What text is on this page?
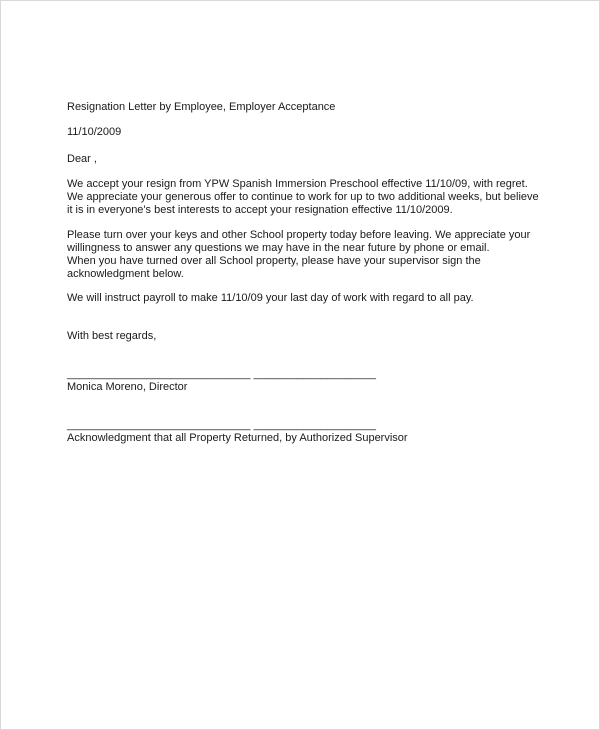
Resignation Letter by Employee, Employer Acceptance
11/10/2009
Dear ,
We accept your resign from YPW Spanish Immersion Preschool effective 11/10/09, with regret.
We appreciate your generous offer to continue to work for up to two additional weeks, but believe
it is in everyone's best interests to accept your resignation effective 11/10/2009.
Please turn over your keys and other School property today before leaving. We appreciate your
willingness to answer any questions we may have in the near future by phone or email.
When you have turned over all School property, please have your supervisor sign the
acknowledgment below.
We will instruct payroll to make 11/10/09 your last day of work with regard to all pay.
With best regards,
______________________________ ____________________
Monica Moreno, Director
______________________________ ____________________
Acknowledgment that all Property Returned, by Authorized Supervisor
